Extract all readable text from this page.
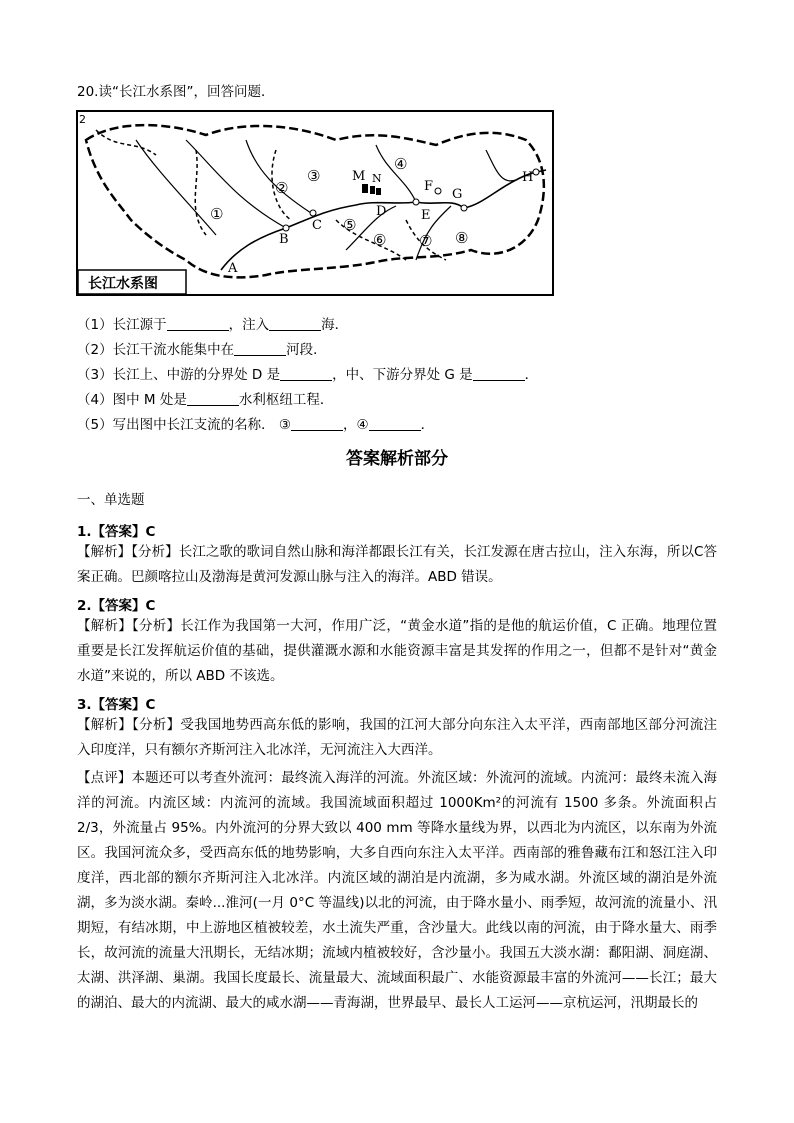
20.读“长江水系图”，回答问题．
2
A
B
C
D	E
F
G
H
M N
①
②
③
④
⑤
⑥ ⑦ ⑧
长江水系图
（1）长江源于	，注入	海．
（2）长江干流水能集中在	河段．
（3）长江上、中游的分界处 D 是	，中、下游分界处 G 是	．
（4）图中 M 处是	水利枢纽工程．
（5）写出图中长江支流的名称． ③	，④	．
答案解析部分
一、单选题
1.【答案】C
【解析】【分析】长江之歌的歌词自然山脉和海洋都跟长江有关，长江发源在唐古拉山，注入东海，所以C答案正确。巴颜喀拉山及渤海是黄河发源山脉与注入的海洋。ABD 错误。
2.【答案】C
【解析】【分析】长江作为我国第一大河，作用广泛，“黄金水道”指的是他的航运价值，C 正确。地理位置重要是长江发挥航运价值的基础，提供灌溉水源和水能资源丰富是其发挥的作用之一，但都不是针对“黄金水道”来说的，所以 ABD 不该选。
3.【答案】C
【解析】【分析】受我国地势西高东低的影响，我国的江河大部分向东注入太平洋，西南部地区部分河流注入印度洋，只有额尔齐斯河注入北冰洋，无河流注入大西洋。
【点评】本题还可以考查外流河：最终流入海洋的河流。外流区域：外流河的流域。内流河：最终未流入海洋的河流。内流区域：内流河的流域。我国流域面积超过 1000Km²的河流有 1500 多条。外流面积占 2/3，外流量占 95%。内外流河的分界大致以 400 mm 等降水量线为界，以西北为内流区，以东南为外流区。我国河流众多，受西高东低的地势影响，大多自西向东注入太平洋。西南部的雅鲁藏布江和怒江注入印度洋，西北部的额尔齐斯河注入北冰洋。内流区域的湖泊是内流湖，多为咸水湖。外流区域的湖泊是外流湖，多为淡水湖。秦岭...淮河(一月 0°C 等温线)以北的河流，由于降水量小、雨季短，故河流的流量小、汛期短，有结冰期，中上游地区植被较差，水土流失严重，含沙量大。此线以南的河流，由于降水量大、雨季长，故河流的流量大汛期长，无结冰期；流域内植被较好，含沙量小。我国五大淡水湖：鄱阳湖、洞庭湖、太湖、洪泽湖、巢湖。我国长度最长、流量最大、流域面积最广、水能资源最丰富的外流河——长江；最大的湖泊、最大的内流湖、最大的咸水湖——青海湖，世界最早、最长人工运河——京杭运河，汛期最长的
